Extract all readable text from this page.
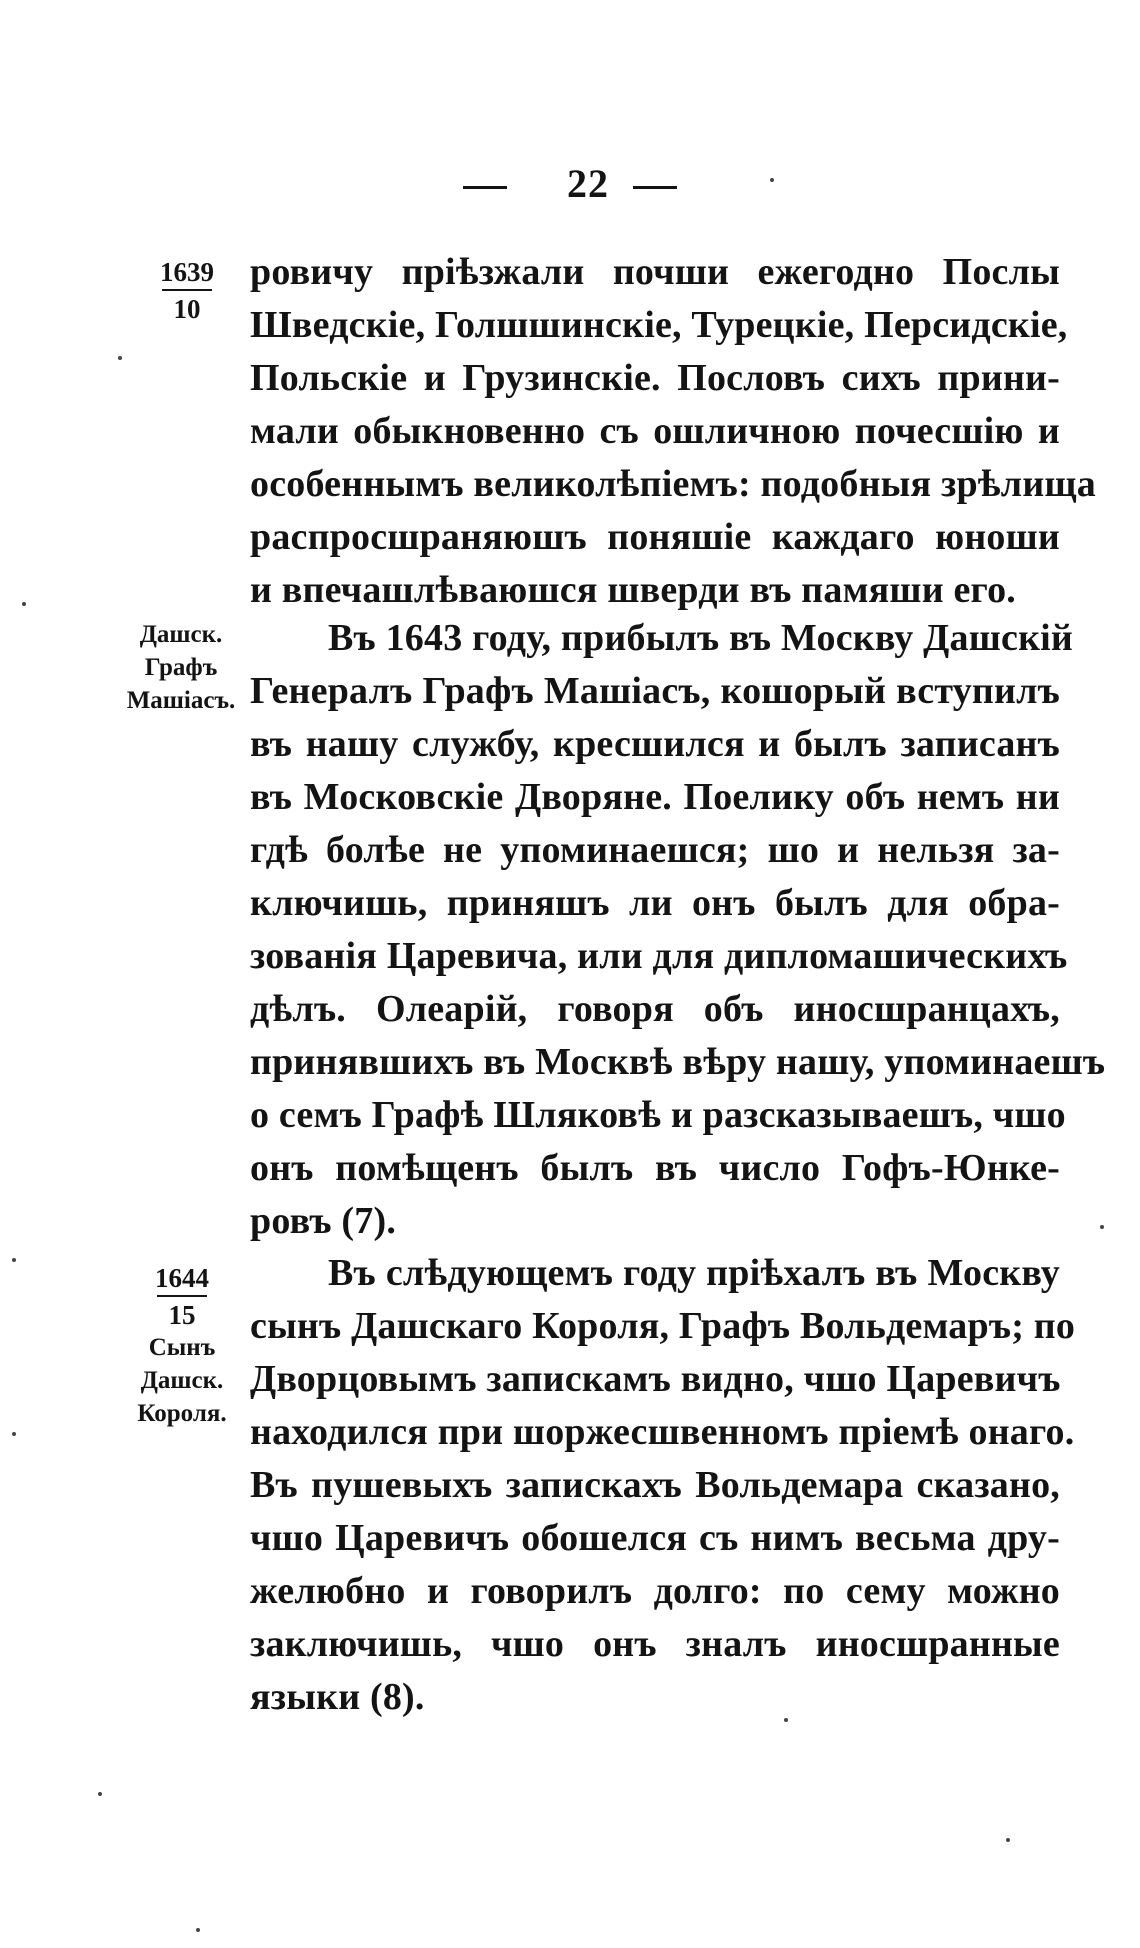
22
1639
10
Дашск.
Графъ
Машiасъ.
1644
15
Сынъ
Дашск.
Короля.
ровичу прiѣзжали почши ежегодно Послы
Шведскiе, Голшшинскiе, Турецкiе, Персидскiе,
Польскiе и Грузинскiе. Пословъ сихъ прини-
мали обыкновенно съ ошличною почесшiю и
особеннымъ великолѣпiемъ: подобныя зрѣлища
распросшраняюшъ поняшiе каждаго юноши
и впечашлѣваюшся шверди въ памяши его.
Въ 1643 году, прибылъ въ Москву Дашскiй
Генералъ Графъ Машiасъ, кошорый вступилъ
въ нашу службу, кресшился и былъ записанъ
въ Московскiе Дворяне. Поелику объ немъ ни
гдѣ болѣе не упоминаешся; шо и нельзя за-
ключишь, приняшъ ли онъ былъ для обра-
зованiя Царевича, или для дипломашическихъ
дѣлъ. Олеарiй, говоря объ иносшранцахъ,
принявшихъ въ Москвѣ вѣру нашу, упоминаешъ
о семъ Графѣ Шляковѣ и разсказываешъ, чшо
онъ помѣщенъ былъ въ число Гофъ-Юнке-
ровъ (7).
Въ слѣдующемъ году прiѣхалъ въ Москву
сынъ Дашскаго Короля, Графъ Вольдемаръ; по
Дворцовымъ запискамъ видно, чшо Царевичъ
находился при шоржесшвенномъ прiемѣ онаго.
Въ пушевыхъ запискахъ Вольдемара сказано,
чшо Царевичъ обошелся съ нимъ весьма дру-
желюбно и говорилъ долго: по сему можно
заключишь, чшо онъ зналъ иносшранные
языки (8).
